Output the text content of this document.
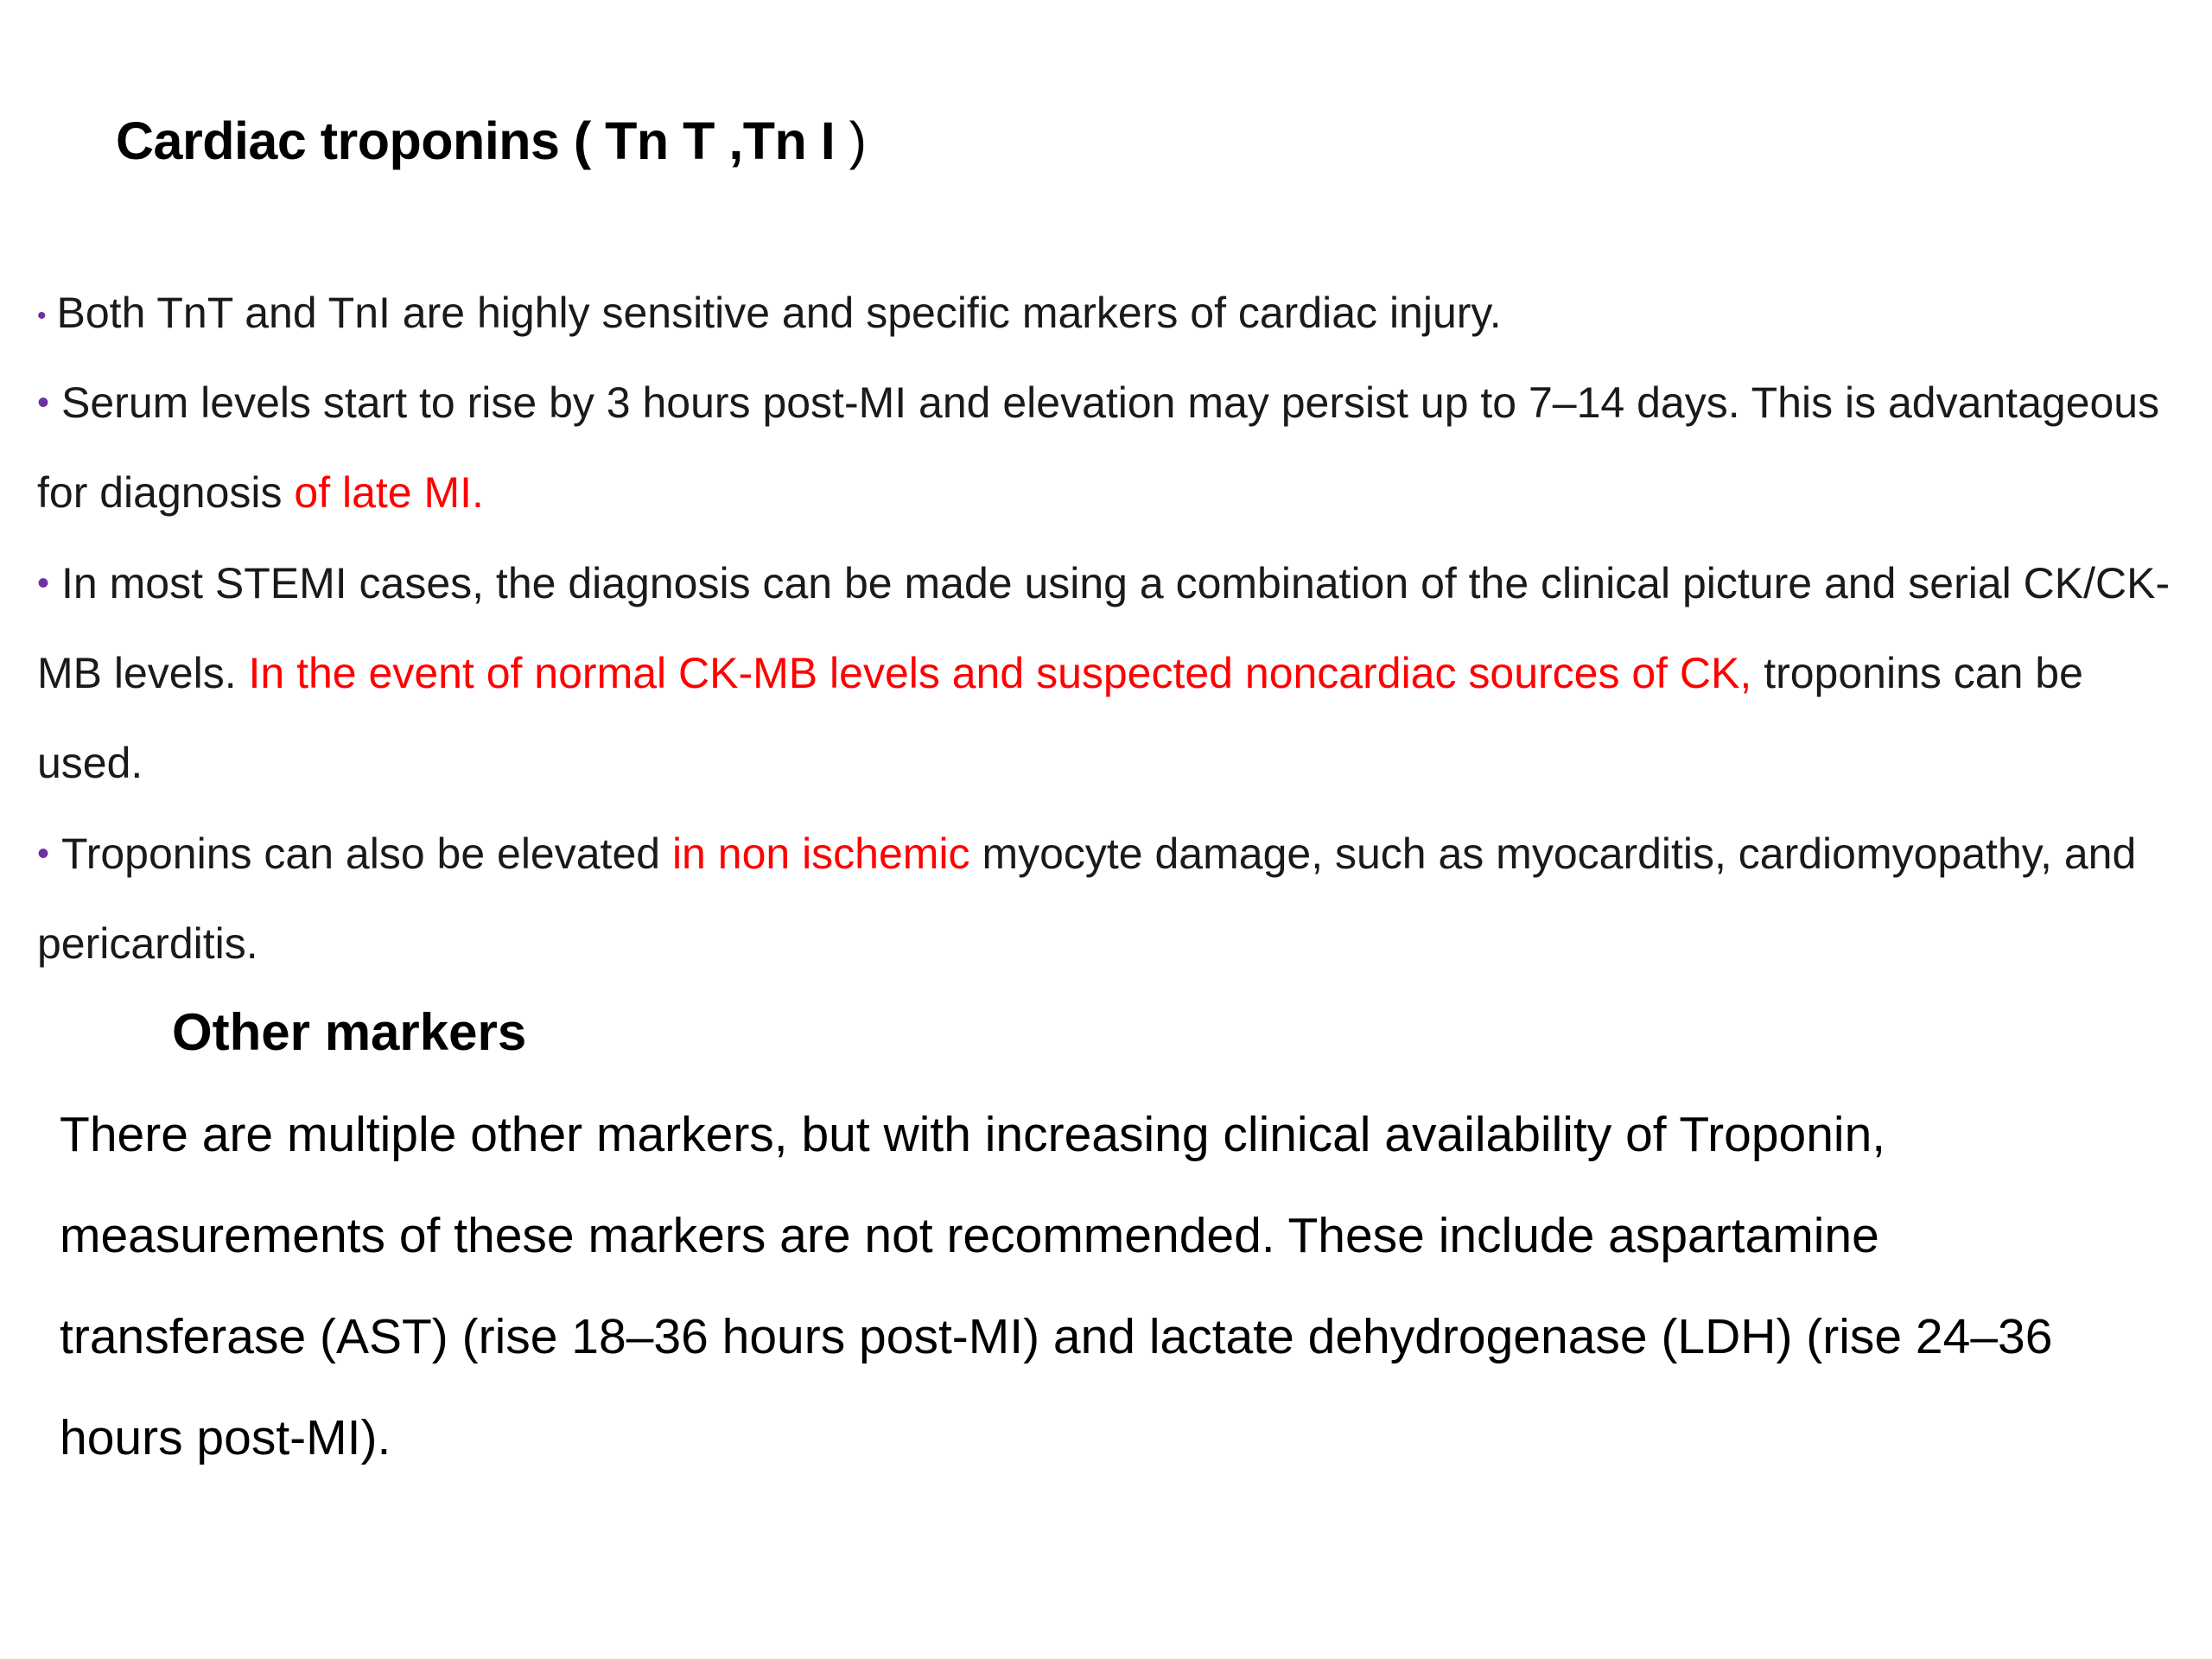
Cardiac troponins ( Tn T ,Tn I )
• Both TnT and TnI are highly sensitive and specific markers of cardiac injury.
• Serum levels start to rise by 3 hours post-MI and elevation may persist up to 7–14 days. This is advantageous for diagnosis of late MI.
• In most STEMI cases, the diagnosis can be made using a combination of the clinical picture and serial CK/CK-MB levels. In the event of normal CK-MB levels and suspected noncardiac sources of CK, troponins can be used.
• Troponins can also be elevated in non ischemic myocyte damage, such as myocarditis, cardiomyopathy, and pericarditis.
Other markers
There are multiple other markers, but with increasing clinical availability of Troponin, measurements of these markers are not recommended. These include aspartamine transferase (AST) (rise 18–36 hours post-MI) and lactate dehydrogenase (LDH) (rise 24–36 hours post-MI).
